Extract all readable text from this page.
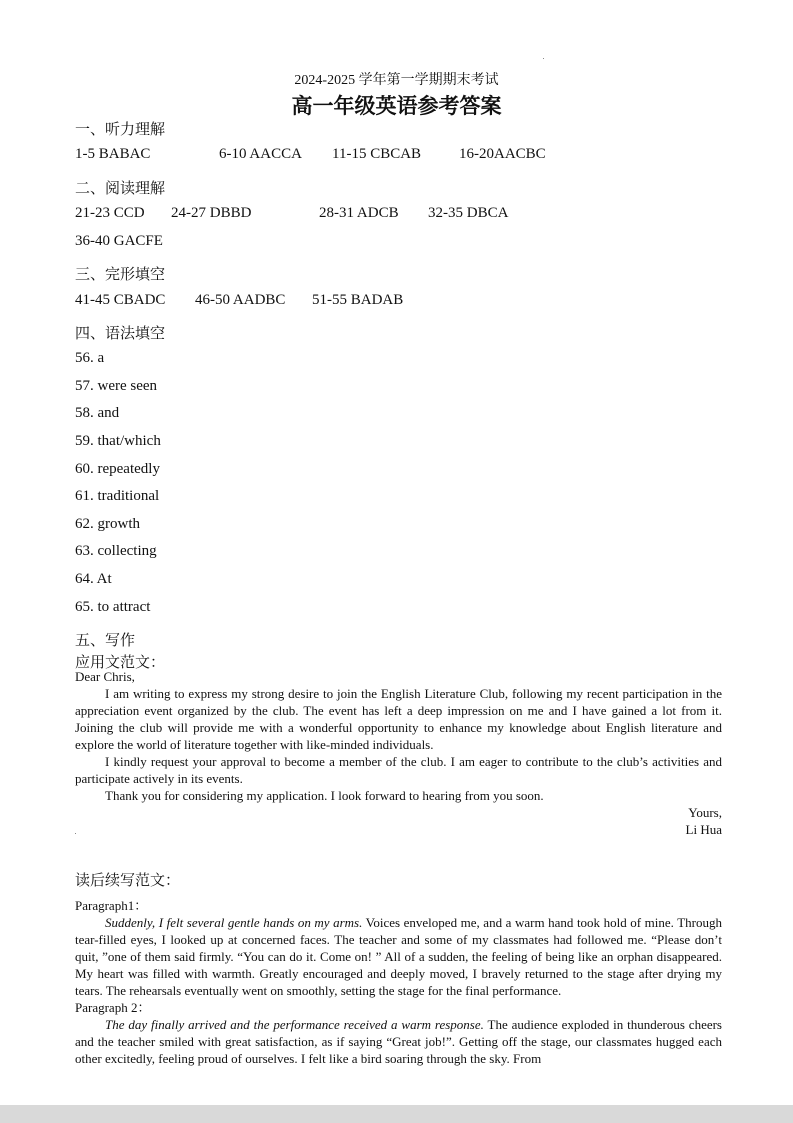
2024-2025 学年第一学期期末考试
高一年级英语参考答案
一、听力理解
1-5 BABAC	6-10 AACCA 11-15 CBCAB	16-20AACBC
二、阅读理解
21-23 CCD 24-27 DBBD	28-31 ADCB 32-35 DBCA
36-40 GACFE
三、完形填空
41-45 CBADC 46-50 AADBC 51-55 BADAB
四、语法填空
56. a
57. were seen
58. and
59. that/which
60. repeatedly
61. traditional
62. growth
63. collecting
64. At
65. to attract
五、写作
应用文范文：

Dear Chris,

I am writing to express my strong desire to join the English Literature Club, following my recent participation in the appreciation event organized by the club. The event has left a deep impression on me and I have gained a lot from it. Joining the club will provide me with a wonderful opportunity to enhance my knowledge about English literature and explore the world of literature together with like-minded individuals.

I kindly request your approval to become a member of the club. I am eager to contribute to the club’s activities and participate actively in its events.

Thank you for considering my application. I look forward to hearing from you soon.

Yours,
Li Hua
读后续写范文：

Paragraph1：

Suddenly, I felt several gentle hands on my arms. Voices enveloped me, and a warm hand took hold of mine. Through tear-filled eyes, I looked up at concerned faces. The teacher and some of my classmates had followed me. “Please don’t quit, ”one of them said firmly. “You can do it. Come on! ” All of a sudden, the feeling of being like an orphan disappeared. My heart was filled with warmth. Greatly encouraged and deeply moved, I bravely returned to the stage after drying my tears. The rehearsals eventually went on smoothly, setting the stage for the final performance.

Paragraph 2：

The day finally arrived and the performance received a warm response. The audience exploded in thunderous cheers and the teacher smiled with great satisfaction, as if saying “Great job!”. Getting off the stage, our classmates hugged each other excitedly, feeling proud of ourselves. I felt like a bird soaring through the sky. From
